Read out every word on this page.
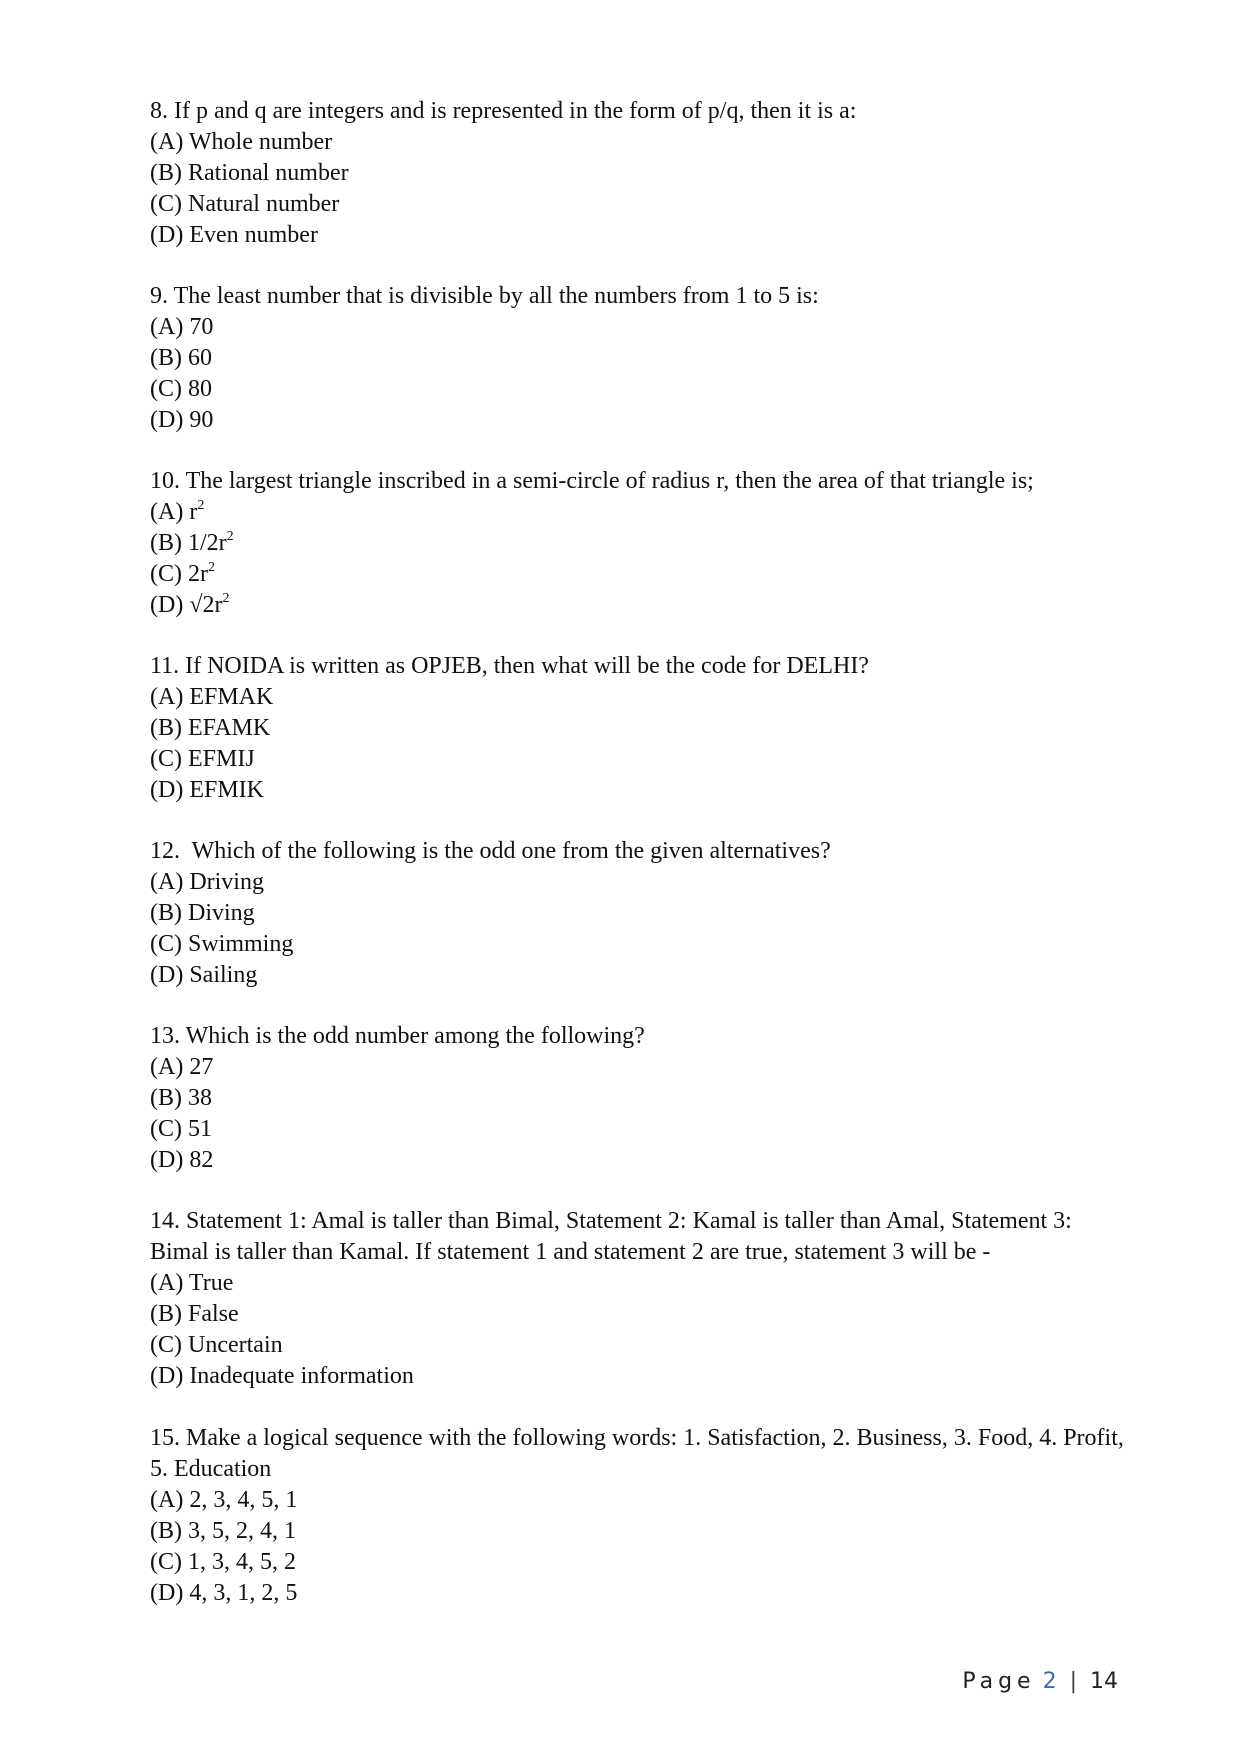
8. If p and q are integers and is represented in the form of p/q, then it is a:

(A) Whole number

(B) Rational number

(C) Natural number

(D) Even number

9. The least number that is divisible by all the numbers from 1 to 5 is:

(A) 70

(B) 60

(C) 80

(D) 90

10. The largest triangle inscribed in a semi-circle of radius r, then the area of that triangle is;

(A) $r^2$

(B) $1/2r^2$

(C) $2r^2$

(D) $√2r^2$

11. If NOIDA is written as OPJEB, then what will be the code for DELHI?

(A) EFMAK

(B) EFAMK

(C) EFMIJ

(D) EFMIK

12.  Which of the following is the odd one from the given alternatives?

(A) Driving

(B) Diving

(C) Swimming

(D) Sailing

13. Which is the odd number among the following?

(A) 27

(B) 38

(C) 51

(D) 82

14. Statement 1: Amal is taller than Bimal, Statement 2: Kamal is taller than Amal, Statement 3: Bimal is taller than Kamal. If statement 1 and statement 2 are true, statement 3 will be -

(A) True

(B) False

(C) Uncertain

(D) Inadequate information

15. Make a logical sequence with the following words: 1. Satisfaction, 2. Business, 3. Food, 4. Profit, 5. Education

(A) 2, 3, 4, 5, 1

(B) 3, 5, 2, 4, 1

(C) 1, 3, 4, 5, 2

(D) 4, 3, 1, 2, 5

Page 2 | 14
